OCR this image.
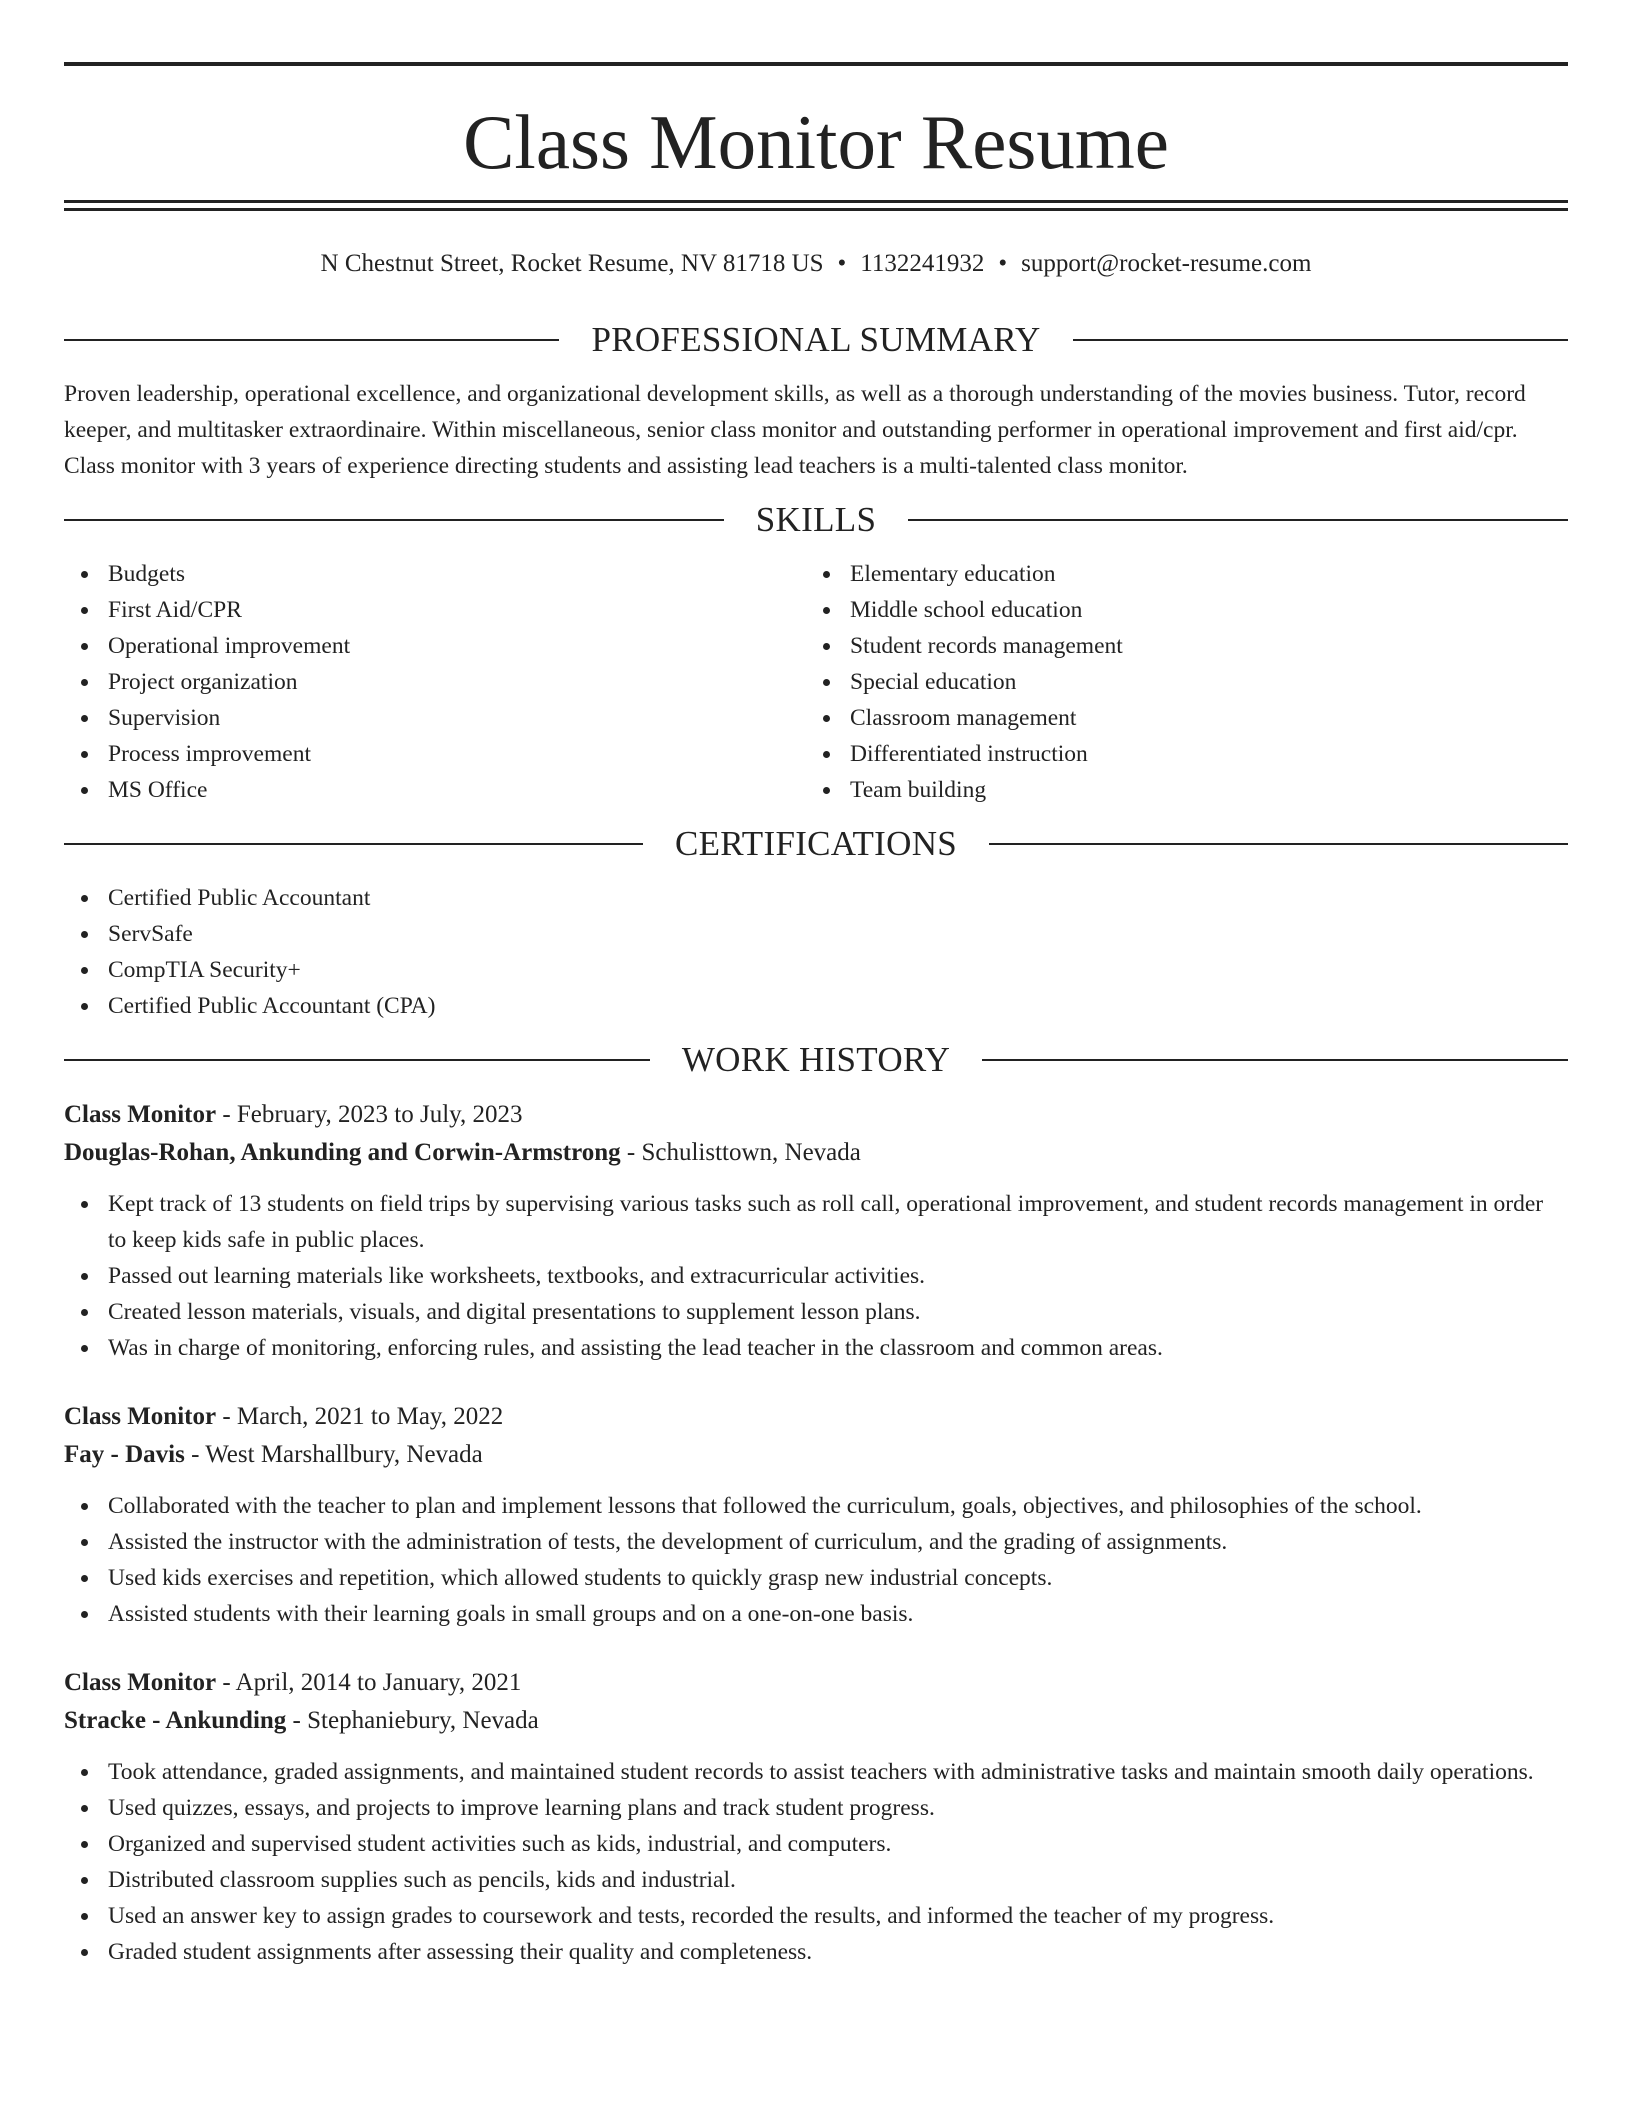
Class Monitor Resume
N Chestnut Street, Rocket Resume, NV 81718 US • 1132241932 • support@rocket-resume.com
PROFESSIONAL SUMMARY

Proven leadership, operational excellence, and organizational development skills, as well as a thorough understanding of the movies business. Tutor, record keeper, and multitasker extraordinaire. Within miscellaneous, senior class monitor and outstanding performer in operational improvement and first aid/cpr. Class monitor with 3 years of experience directing students and assisting lead teachers is a multi-talented class monitor.

SKILLS
Budgets
First Aid/CPR
Operational improvement
Project organization
Supervision
Process improvement
MS Office
Elementary education
Middle school education
Student records management
Special education
Classroom management
Differentiated instruction
Team building
CERTIFICATIONS
Certified Public Accountant
ServSafe
CompTIA Security+
Certified Public Accountant (CPA)
WORK HISTORY
Class Monitor - February, 2023 to July, 2023
Douglas-Rohan, Ankunding and Corwin-Armstrong - Schulisttown, Nevada
Kept track of 13 students on field trips by supervising various tasks such as roll call, operational improvement, and student records management in order to keep kids safe in public places.
Passed out learning materials like worksheets, textbooks, and extracurricular activities.
Created lesson materials, visuals, and digital presentations to supplement lesson plans.
Was in charge of monitoring, enforcing rules, and assisting the lead teacher in the classroom and common areas.
Class Monitor - March, 2021 to May, 2022
Fay - Davis - West Marshallbury, Nevada
Collaborated with the teacher to plan and implement lessons that followed the curriculum, goals, objectives, and philosophies of the school.
Assisted the instructor with the administration of tests, the development of curriculum, and the grading of assignments.
Used kids exercises and repetition, which allowed students to quickly grasp new industrial concepts.
Assisted students with their learning goals in small groups and on a one-on-one basis.
Class Monitor - April, 2014 to January, 2021
Stracke - Ankunding - Stephaniebury, Nevada
Took attendance, graded assignments, and maintained student records to assist teachers with administrative tasks and maintain smooth daily operations.
Used quizzes, essays, and projects to improve learning plans and track student progress.
Organized and supervised student activities such as kids, industrial, and computers.
Distributed classroom supplies such as pencils, kids and industrial.
Used an answer key to assign grades to coursework and tests, recorded the results, and informed the teacher of my progress.
Graded student assignments after assessing their quality and completeness.
